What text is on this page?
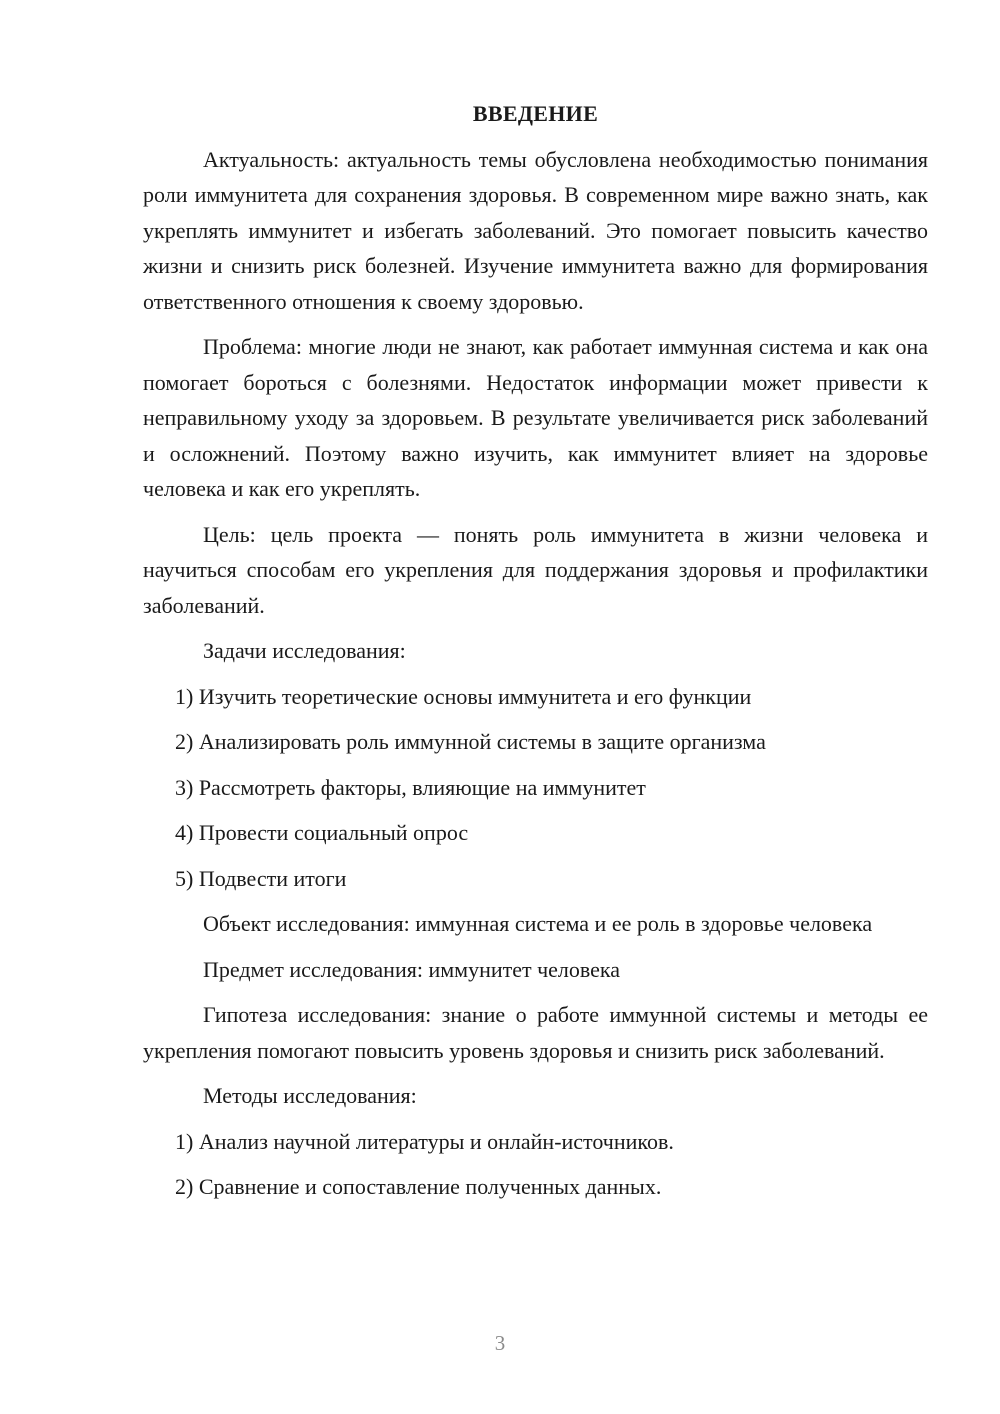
ВВЕДЕНИЕ

Актуальность: актуальность темы обусловлена необходимостью понимания роли иммунитета для сохранения здоровья. В современном мире важно знать, как укреплять иммунитет и избегать заболеваний. Это помогает повысить качество жизни и снизить риск болезней. Изучение иммунитета важно для формирования ответственного отношения к своему здоровью.

Проблема: многие люди не знают, как работает иммунная система и как она помогает бороться с болезнями. Недостаток информации может привести к неправильному уходу за здоровьем. В результате увеличивается риск заболеваний и осложнений. Поэтому важно изучить, как иммунитет влияет на здоровье человека и как его укреплять.

Цель: цель проекта — понять роль иммунитета в жизни человека и научиться способам его укрепления для поддержания здоровья и профилактики заболеваний.

Задачи исследования:
1) Изучить теоретические основы иммунитета и его функции
2) Анализировать роль иммунной системы в защите организма
3) Рассмотреть факторы, влияющие на иммунитет
4) Провести социальный опрос
5) Подвести итоги

Объект исследования: иммунная система и ее роль в здоровье человека

Предмет исследования: иммунитет человека

Гипотеза исследования: знание о работе иммунной системы и методы ее укрепления помогают повысить уровень здоровья и снизить риск заболеваний.

Методы исследования:
1) Анализ научной литературы и онлайн-источников.
2) Сравнение и сопоставление полученных данных.
3
